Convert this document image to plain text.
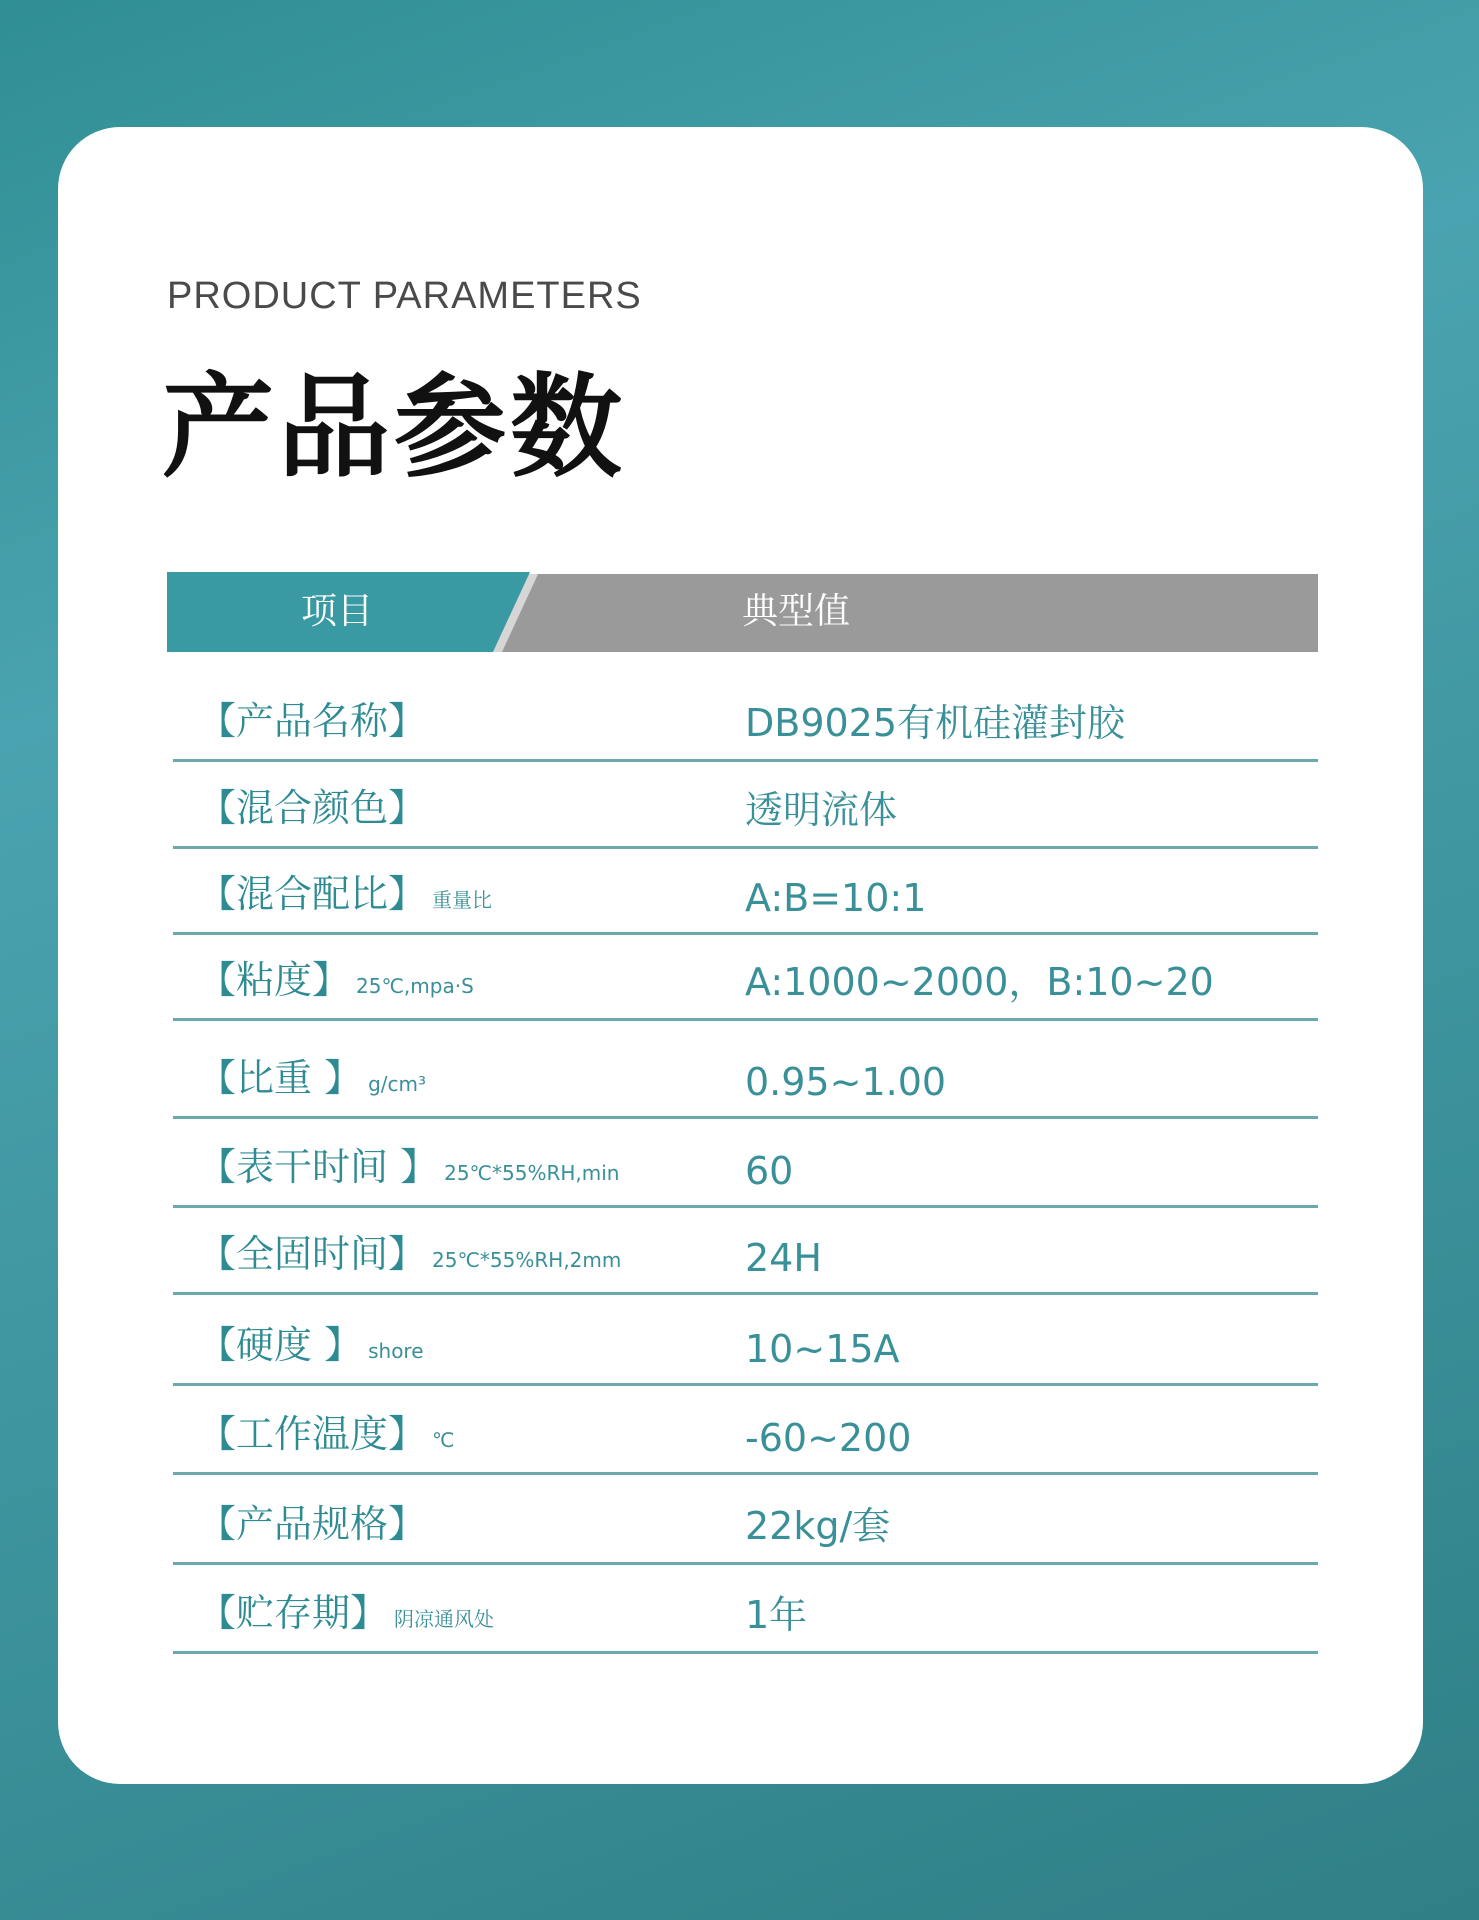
PRODUCT PARAMETERS
产品参数
项目	典型值
【产品名称】	DB9025有机硅灌封胶
【混合颜色】	透明流体
【混合配比】 重量比	A:B=10:1
【粘度】 25℃,mpa·S	A:1000~2000，B:10~20
【比重 】 g/cm³	0.95~1.00
【表干时间 】 25℃*55%RH,min	60
【全固时间】 25℃*55%RH,2mm	24H
【硬度 】 shore	10~15A
【工作温度】 ℃	-60~200
【产品规格】	22kg/套
【贮存期】 阴凉通风处	1年
